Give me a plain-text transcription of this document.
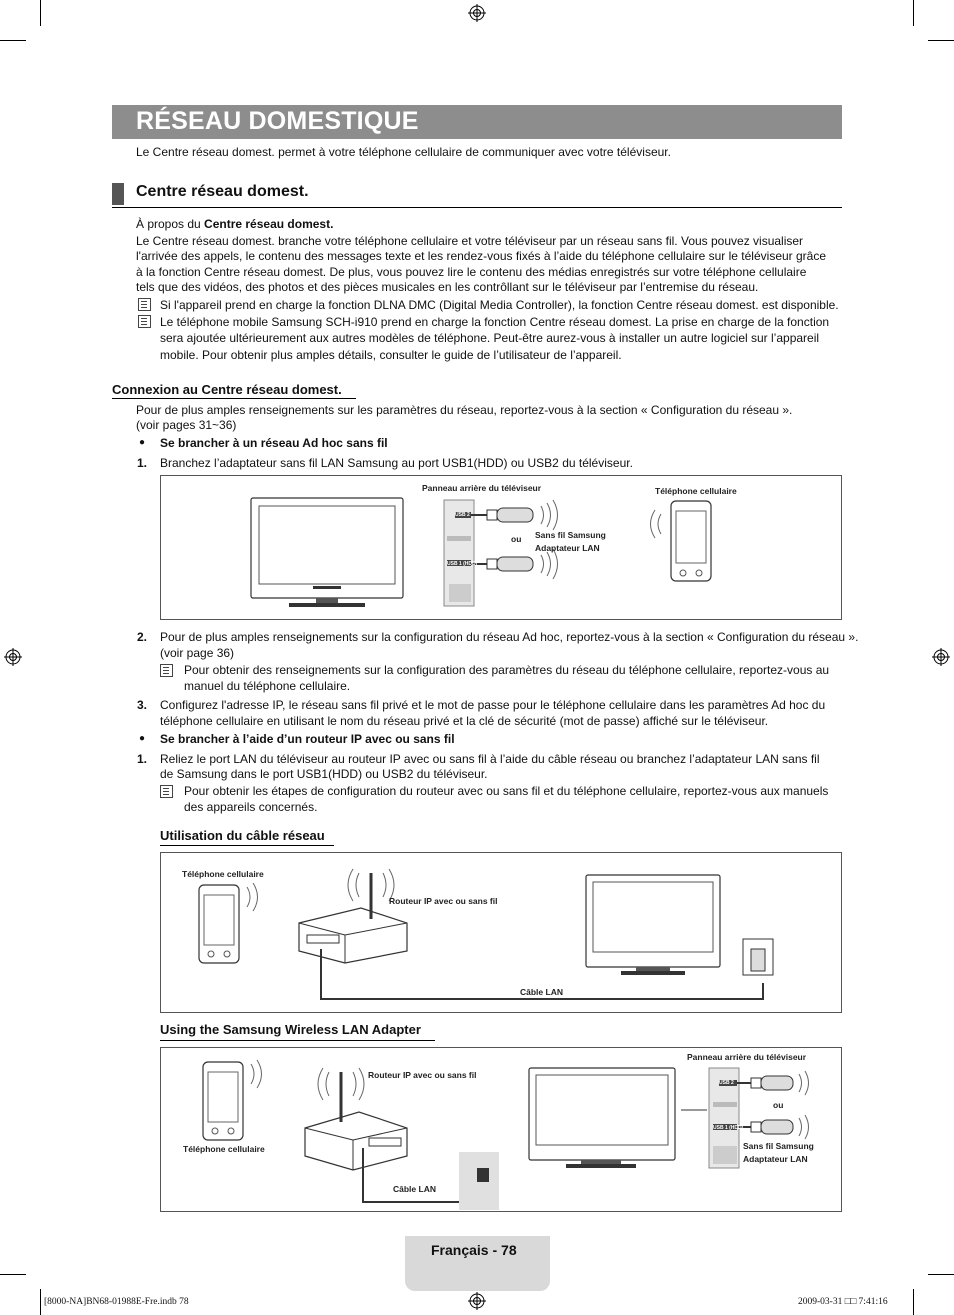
RÉSEAU DOMESTIQUE
Le Centre réseau domest. permet à votre téléphone cellulaire de communiquer avec votre téléviseur.
Centre réseau domest.
À propos du Centre réseau domest.
Le Centre réseau domest. branche votre téléphone cellulaire et votre téléviseur par un réseau sans fil. Vous pouvez visualiser
l'arrivée des appels, le contenu des messages texte et les rendez-vous fixés à l’aide du téléphone cellulaire sur le téléviseur grâce
à la fonction Centre réseau domest. De plus, vous pouvez lire le contenu des médias enregistrés sur votre téléphone cellulaire
tels que des vidéos, des photos et des pièces musicales en les contrôllant sur le téléviseur par l’entremise du réseau.
Si l'appareil prend en charge la fonction DLNA DMC (Digital Media Controller), la fonction Centre réseau domest. est disponible.
Le téléphone mobile Samsung SCH-i910 prend en charge la fonction Centre réseau domest. La prise en charge de la fonction
sera ajoutée ultérieurement aux autres modèles de téléphone. Peut-être aurez-vous à installer un autre logiciel sur l’appareil
mobile. Pour obtenir plus amples détails, consulter le guide de l’utilisateur de l’appareil.
Connexion au Centre réseau domest.
Pour de plus amples renseignements sur les paramètres du réseau, reportez-vous à la section « Configuration du réseau ».
(voir pages 31~36)
● Se brancher à un réseau Ad hoc sans fil
1. Branchez l’adaptateur sans fil LAN Samsung au port USB1(HDD) ou USB2 du téléviseur.
Panneau arrière du téléviseur	Téléphone cellulaire
ou Sans fil Samsung
Adaptateur LAN
USB 2
USB 1 (HDD)
2. Pour de plus amples renseignements sur la configuration du réseau Ad hoc, reportez-vous à la section « Configuration du réseau ».
(voir page 36)
Pour obtenir des renseignements sur la configuration des paramètres du réseau du téléphone cellulaire, reportez-vous au
manuel du téléphone cellulaire.
3. Configurez l'adresse IP, le réseau sans fil privé et le mot de passe pour le téléphone cellulaire dans les paramètres Ad hoc du
téléphone cellulaire en utilisant le nom du réseau privé et la clé de sécurité (mot de passe) affiché sur le téléviseur.
● Se brancher à l’aide d’un routeur IP avec ou sans fil
1. Reliez le port LAN du téléviseur au routeur IP avec ou sans fil à l’aide du câble réseau ou branchez l’adaptateur LAN sans fil
de Samsung dans le port USB1(HDD) ou USB2 du téléviseur.
Pour obtenir les étapes de configuration du routeur avec ou sans fil et du téléphone cellulaire, reportez-vous aux manuels
des appareils concernés.
Utilisation du câble réseau
Téléphone cellulaire
Routeur IP avec ou sans fil
Câble LAN
Using the Samsung Wireless LAN Adapter
Panneau arrière du téléviseur
Routeur IP avec ou sans fil
Téléphone cellulaire
Câble LAN
ou
Sans fil Samsung
Adaptateur LAN
USB 2
USB 1 (HDD)
Français - 78
[8000-NA]BN68-01988E-Fre.indb 78	2009-03-31 □□ 7:41:16
